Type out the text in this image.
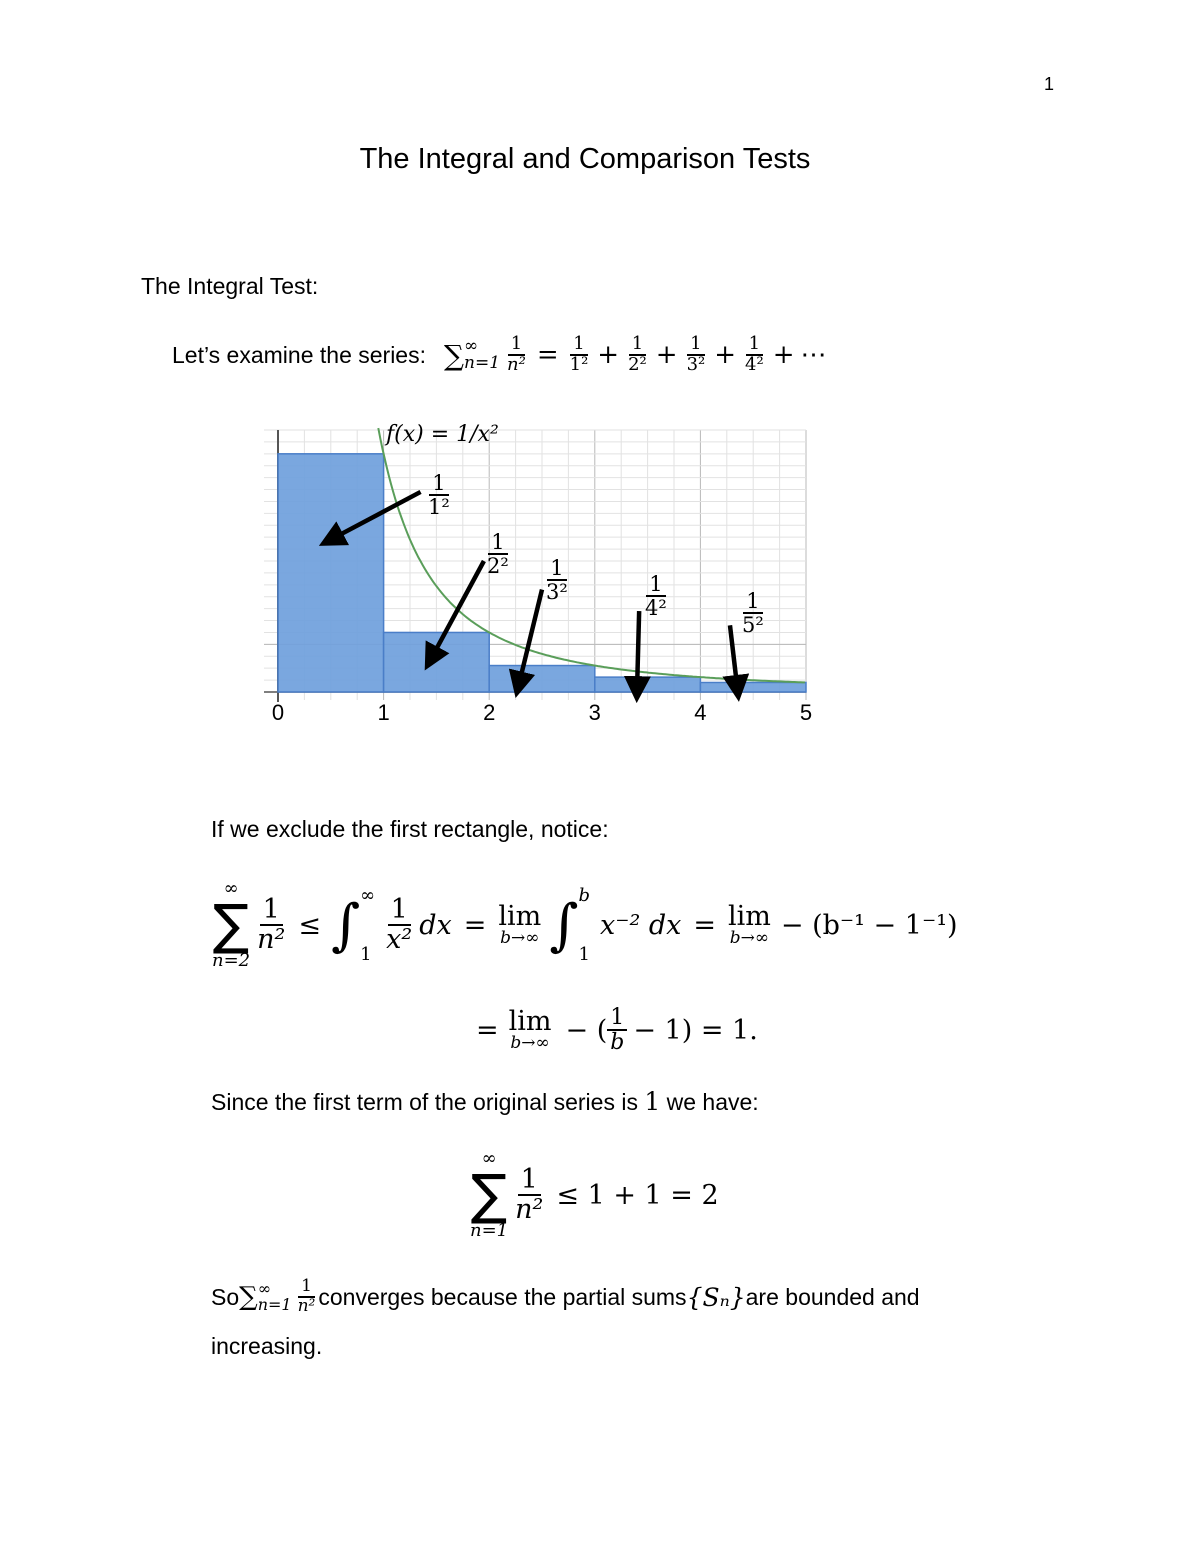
1
The Integral and Comparison Tests
The Integral Test:
Let’s examine the series: ∑ ∞
$n=1 \frac{1}{\text{n²}} = \frac{1}{\text{1²}} + \frac{1}{\text{2²}} + \frac{1}{\text{3²}} + \frac{1}{\text{4²}}$ + ⋯
0	1	2	3	4	5
f(x) = 1/x²
$\frac{1}{\text{1²}}$
$\frac{1}{\text{2²}}$
$\frac{1}{\text{3²}}$	$\frac{1}{\text{4²}}$	$\frac{1}{\text{5²}}$
If we exclude the first rectangle, notice:
∞
∑
n=2
$\frac{1}{\text{n²}}$ ≤ ∫ ∞
1
$\frac{1}{\text{x²}}$ dx = lim
b→∞ ∫ b
1
x⁻² dx = lim
b→∞ − (b⁻¹ − 1⁻¹)
= lim
b→∞ − ( $\frac{1}{b} - 1) = 1$.
Since the first term of the original series is 1 we have:
∞
∑
n=1
$\frac{1}{\text{n²}} \le 1 + 1 = 2$
So ∑ ∞
$n=1 \frac{1}{\text{n²}}$ converges because the partial sums {Sₙ} are bounded and
increasing.
